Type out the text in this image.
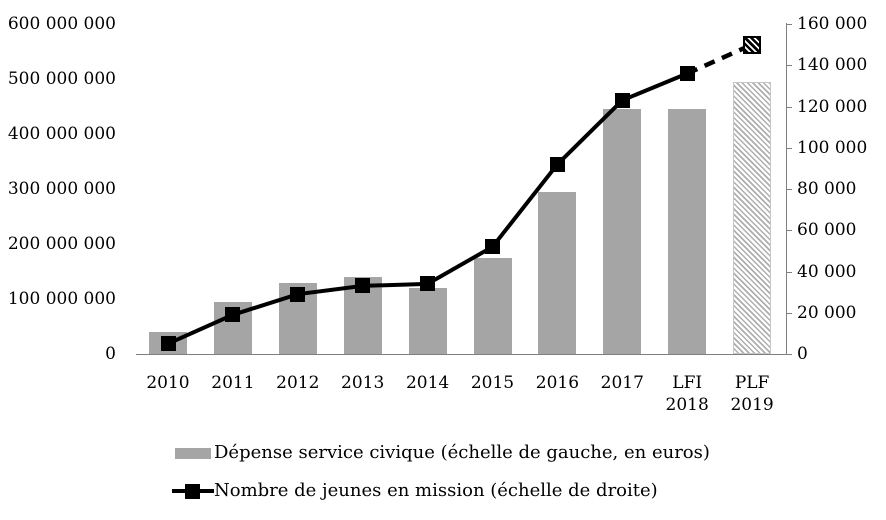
0
100 000 000
200 000 000
300 000 000
400 000 000
500 000 000
600 000 000
0
20 000
40 000
60 000
80 000
100 000
120 000
140 000
160 000
2010	2011	2012	2013	2014	2015	2016	2017	LFI
2018
PLF
2019
Dépense service civique (échelle de gauche, en euros)
Nombre de jeunes en mission (échelle de droite)
